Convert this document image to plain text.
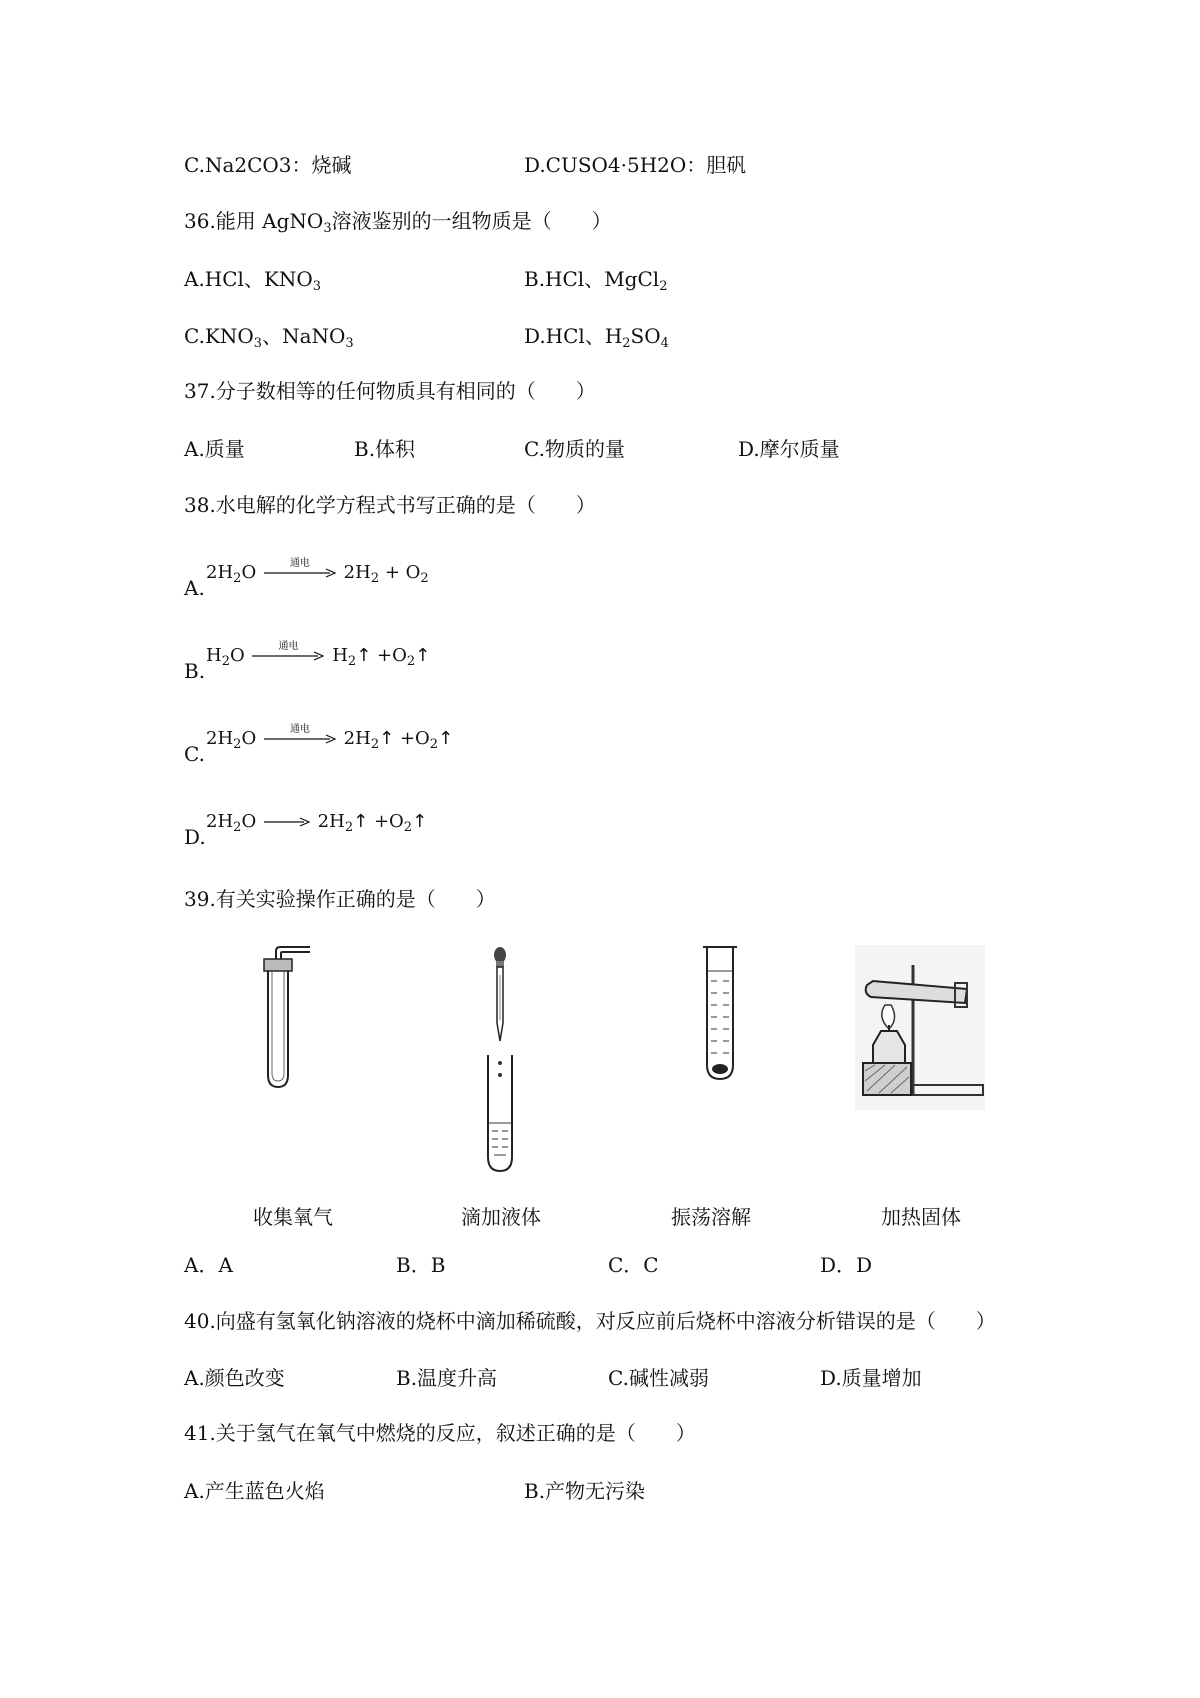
C.Na2CO3：烧碱	D.CUSO4·5H2O：胆矾
36.能用 AgNO$_3$溶液鉴别的一组物质是（　　）
A.HCl、$KNO_3$	B.HCl、MgCl$_2$
$C.KNO_3$、NaNO$_3$	D.HCl、$H_2SO_4$
37.分子数相等的任何物质具有相同的（　　）
A.质量	B.体积	C.物质的量	D.摩尔质量
38.水电解的化学方程式书写正确的是（　　）
A.
$2H_2O$	通电	$2H_2 + O_2$
B.
$H_2O$	通电	$H_2↑$ $+O_2↑$
C.
$2H_2O$	通电	$2H_2↑$ $+O_2↑$
D.
$2H_2O$ → $2H_2↑$ $+O_2↑$
39.有关实验操作正确的是（　　）
收集氧气	滴加液体	振荡溶解	加热固体
A．A	B．B	C．C	D．D
40.向盛有氢氧化钠溶液的烧杯中滴加稀硫酸，对反应前后烧杯中溶液分析错误的是（　　）
A.颜色改变	B.温度升高	C.碱性减弱	D.质量增加
41.关于氢气在氧气中燃烧的反应，叙述正确的是（　　）
A.产生蓝色火焰	B.产物无污染
